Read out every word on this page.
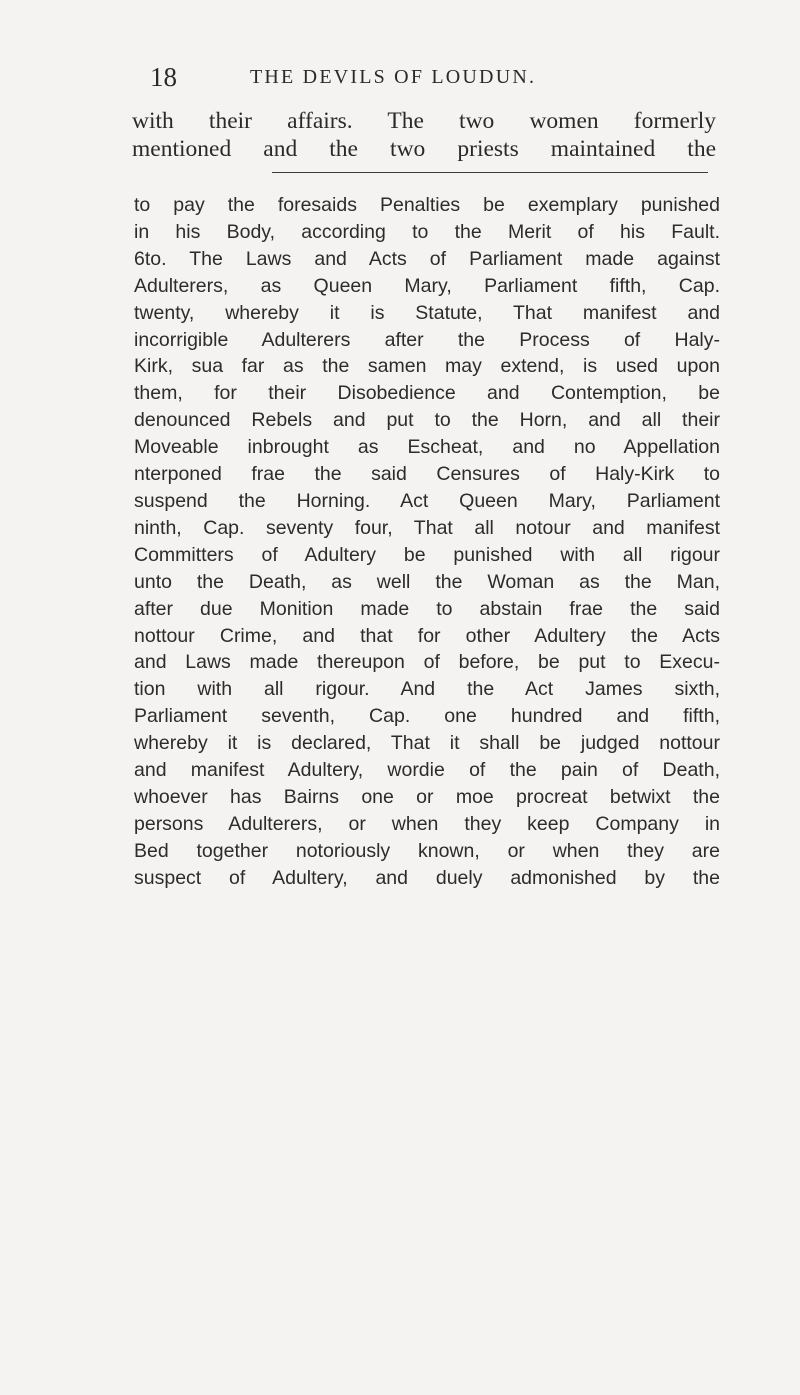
18	THE DEVILS OF LOUDUN.

with their affairs. The two women formerly
mentioned and the two priests maintained the

to pay the foresaids Penalties be exemplary punished
in his Body, according to the Merit of his Fault.
6to. The Laws and Acts of Parliament made against
Adulterers, as Queen Mary, Parliament fifth, Cap.
twenty, whereby it is Statute, That manifest and
incorrigible Adulterers after the Process of Haly-
Kirk, sua far as the samen may extend, is used upon
them, for their Disobedience and Contemption, be
denounced Rebels and put to the Horn, and all their
Moveable inbrought as Escheat, and no Appellation
nterponed frae the said Censures of Haly-Kirk to
suspend the Horning. Act Queen Mary, Parliament
ninth, Cap. seventy four, That all notour and manifest
Committers of Adultery be punished with all rigour
unto the Death, as well the Woman as the Man,
after due Monition made to abstain frae the said
nottour Crime, and that for other Adultery the Acts
and Laws made thereupon of before, be put to Execu-
tion with all rigour. And the Act James sixth,
Parliament seventh, Cap. one hundred and fifth,
whereby it is declared, That it shall be judged nottour
and manifest Adultery, wordie of the pain of Death,
whoever has Bairns one or moe procreat betwixt the
persons Adulterers, or when they keep Company in
Bed together notoriously known, or when they are
suspect of Adultery, and duely admonished by the
